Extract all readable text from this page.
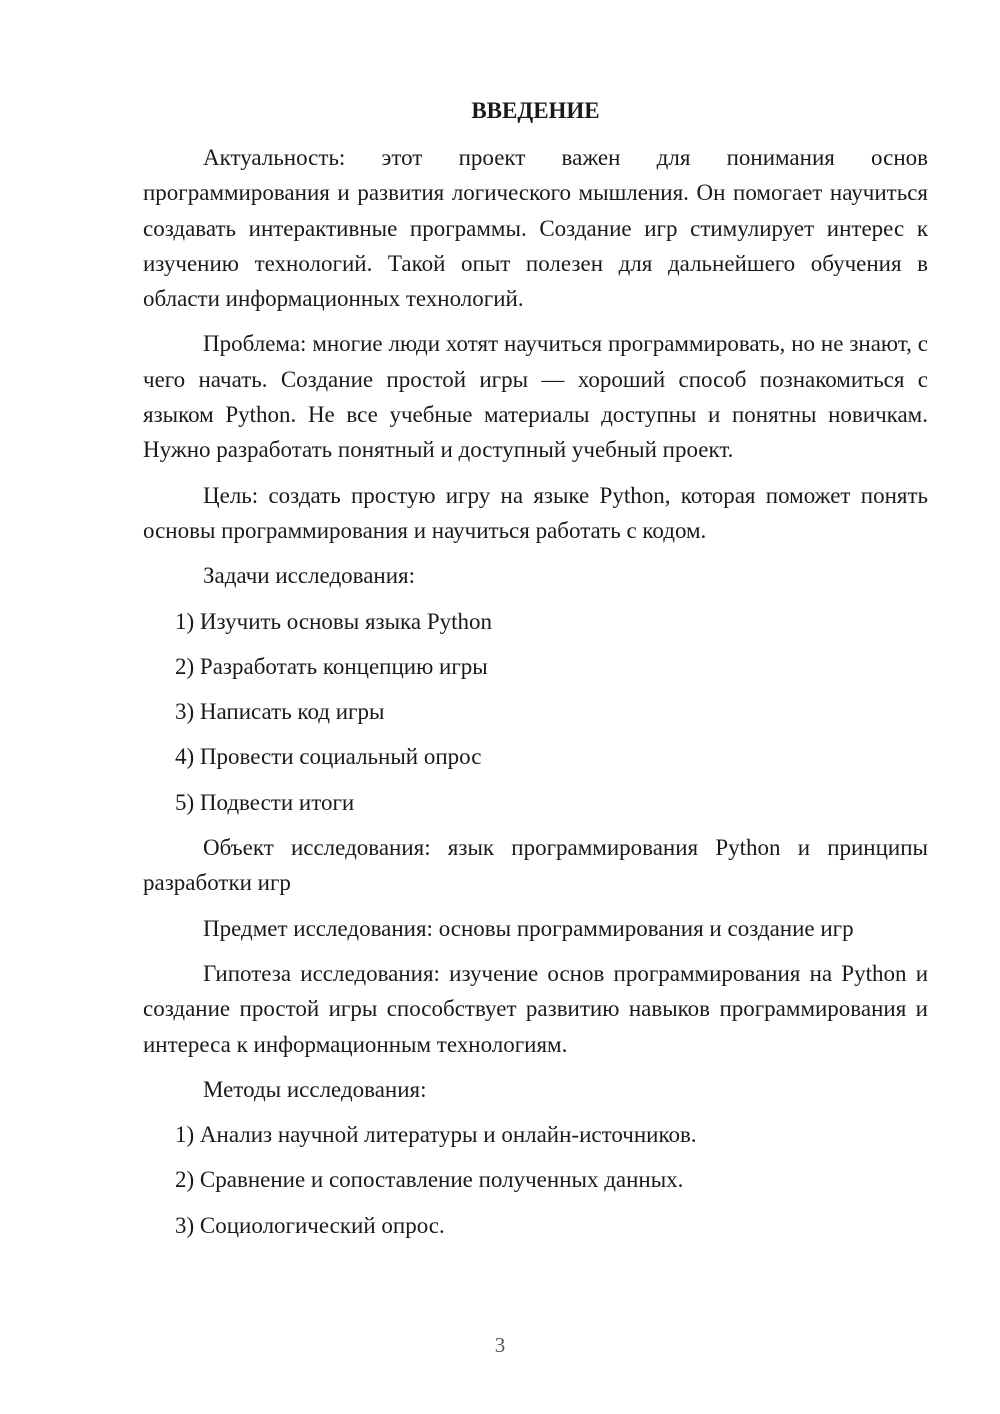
ВВЕДЕНИЕ
Актуальность: этот проект важен для понимания основ программирования и развития логического мышления. Он помогает научиться создавать интерактивные программы. Создание игр стимулирует интерес к изучению технологий. Такой опыт полезен для дальнейшего обучения в области информационных технологий.
Проблема: многие люди хотят научиться программировать, но не знают, с чего начать. Создание простой игры — хороший способ познакомиться с языком Python. Не все учебные материалы доступны и понятны новичкам. Нужно разработать понятный и доступный учебный проект.
Цель: создать простую игру на языке Python, которая поможет понять основы программирования и научиться работать с кодом.
Задачи исследования:
1) Изучить основы языка Python
2) Разработать концепцию игры
3) Написать код игры
4) Провести социальный опрос
5) Подвести итоги
Объект исследования: язык программирования Python и принципы разработки игр
Предмет исследования: основы программирования и создание игр
Гипотеза исследования: изучение основ программирования на Python и создание простой игры способствует развитию навыков программирования и интереса к информационным технологиям.
Методы исследования:
1) Анализ научной литературы и онлайн-источников.
2) Сравнение и сопоставление полученных данных.
3) Социологический опрос.
3
